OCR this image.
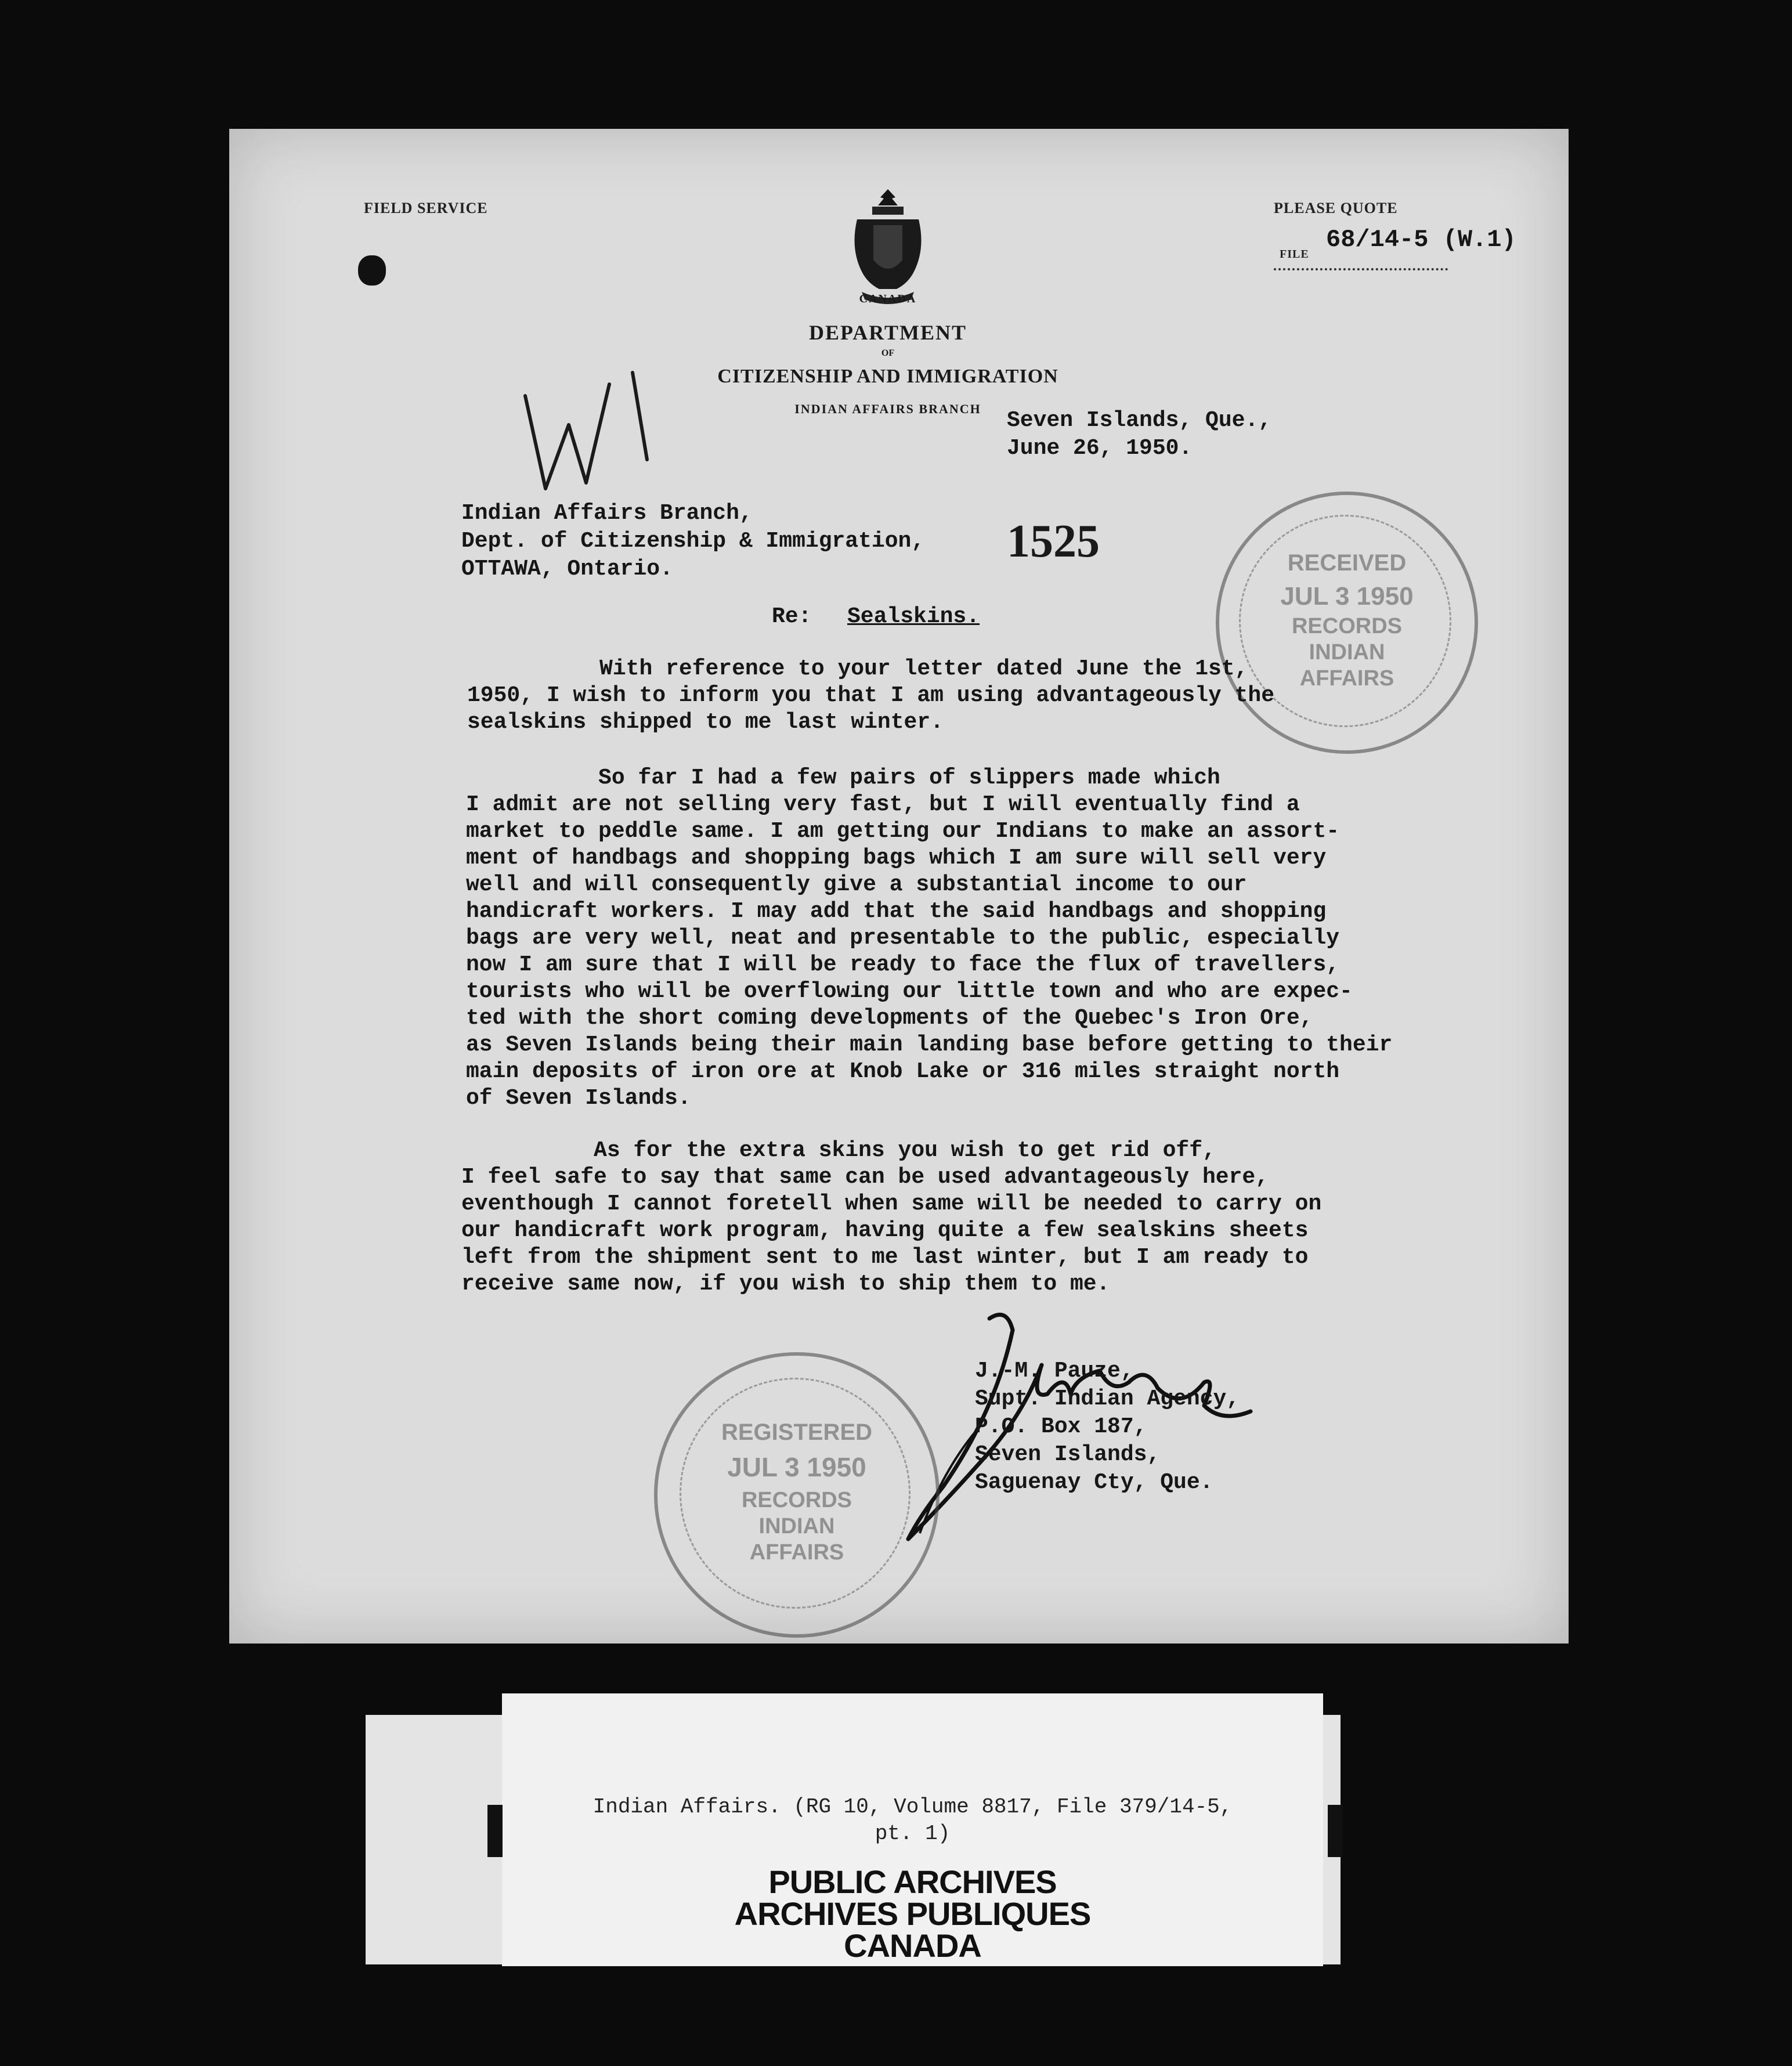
FIELD SERVICE
CANADA
DEPARTMENT
OF
CITIZENSHIP AND IMMIGRATION
INDIAN AFFAIRS BRANCH
PLEASE QUOTE
FILE
68/14-5 (W.1)
Seven Islands, Que.,
June 26, 1950.
Indian Affairs Branch,
Dept. of Citizenship & Immigration,
OTTAWA, Ontario.
1525	RECEIVED
JUL 3 1950
RECORDS
INDIAN
AFFAIRS
Re: Sealskins.
With reference to your letter dated June the 1st,
1950, I wish to inform you that I am using advantageously the
sealskins shipped to me last winter.
So far I had a few pairs of slippers made which
I admit are not selling very fast, but I will eventually find a
market to peddle same. I am getting our Indians to make an assort-
ment of handbags and shopping bags which I am sure will sell very
well and will consequently give a substantial income to our
handicraft workers. I may add that the said handbags and shopping
bags are very well, neat and presentable to the public, especially
now I am sure that I will be ready to face the flux of travellers,
tourists who will be overflowing our little town and who are expec-
ted with the short coming developments of the Quebec's Iron Ore,
as Seven Islands being their main landing base before getting to their
main deposits of iron ore at Knob Lake or 316 miles straight north
of Seven Islands.
As for the extra skins you wish to get rid off,
I feel safe to say that same can be used advantageously here,
eventhough I cannot foretell when same will be needed to carry on
our handicraft work program, having quite a few sealskins sheets
left from the shipment sent to me last winter, but I am ready to
receive same now, if you wish to ship them to me.
J.-M. Pauze,
Supt. Indian Agency,
P.O. Box 187,
Seven Islands,
Saguenay Cty, Que.
REGISTERED
JUL 3 1950
RECORDS
INDIAN
AFFAIRS
Indian Affairs. (RG 10, Volume 8817, File 379/14-5,
pt. 1)
PUBLIC ARCHIVES
ARCHIVES PUBLIQUES
CANADA
